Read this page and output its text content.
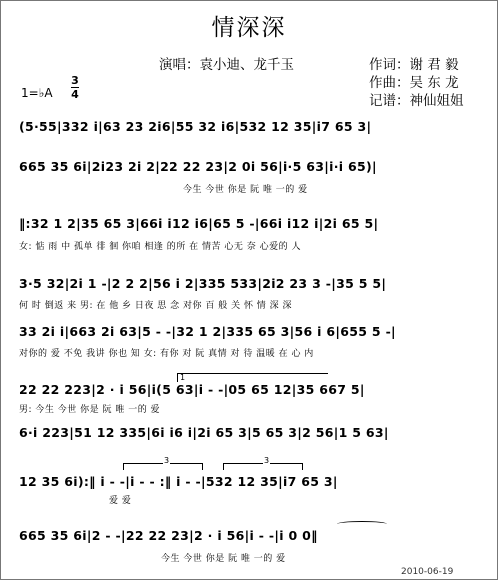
情深深
演唱：袁小迪、龙千玉	作词：谢 君 毅
作曲：吴 东 龙
记谱：神仙姐姐
1=♭A
3
4
(5·55|332 i|63 23 2i6|55 32 i6|532 12 35|i7 65 3|
665 35 6i|2i23 2i 2|22 22 23|2 0i 56|i·5 63|i·i 65)|
今生 今世 你是 阮 唯 一的 爱
‖:32 1 2|35 65 3|66i i12 i6|65 5 -|66i i12 i|2i 65 5|
女: 惦 雨 中 孤单 徘 徊 你咱 相逢 的所 在 情苦 心无 奈 心爱的 人
3·5 32|2i 1 -|2 2 2|56 i 2|335 533|2i2 23 3 -|35 5 5|
何 时 倒返 来 男: 在 他 乡 日夜 思 念 对你 百 般 关 怀 情 深 深
33 2i i|663 2i 63|5 - -|32 1 2|335 65 3|56 i 6|655 5 -|
对你的 爱 不免 我讲 你也 知 女: 有你 对 阮 真情 对 待 温暖 在 心 内
1
22 22 223|2 · i 56|i(5 63|i - -|05 65 12|35 667 5|
男: 今生 今世 你是 阮 唯 一的 爱
6·i 223|51 12 335|6i i6 i|2i 65 3|5 65 3|2 56|1 5 63|
3	3
12 35 6i):‖ i - -|i - - :‖ i - -|532 12 35|i7 65 3|
爱 爱
665 35 6i|2 - -|22 22 23|2 · i 56|i - -|i 0 0‖
今生 今世 你是 阮 唯 一的 爱
2010-06-19
